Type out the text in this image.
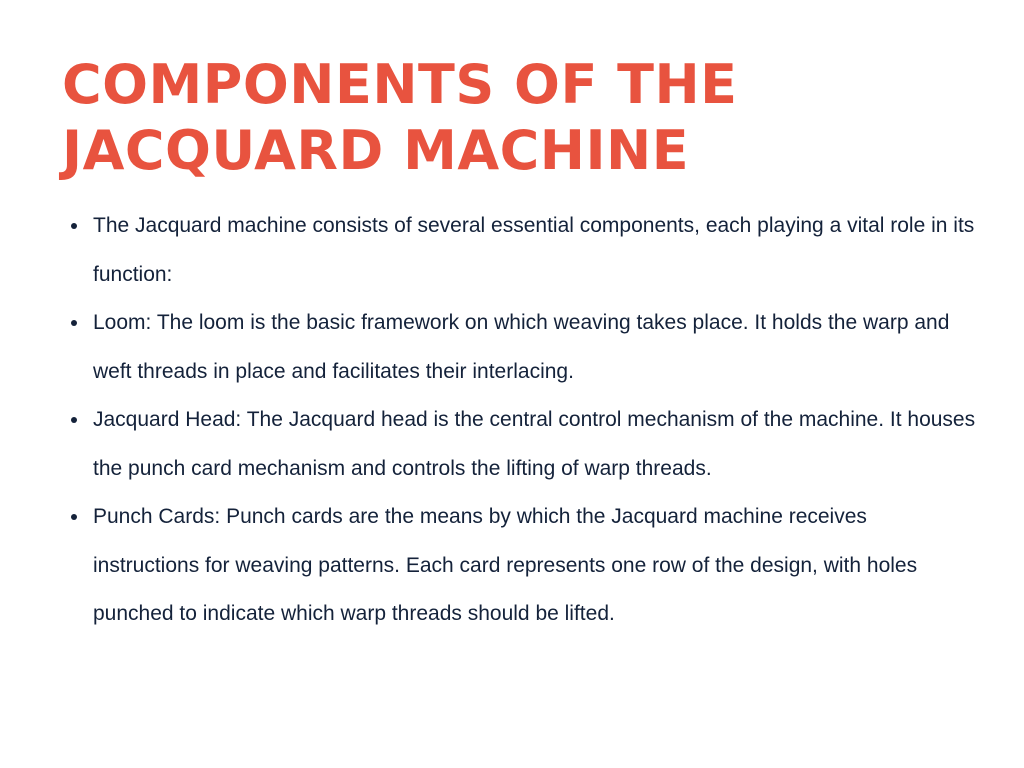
COMPONENTS OF THE JACQUARD MACHINE
The Jacquard machine consists of several essential components, each playing a vital role in its function:
Loom: The loom is the basic framework on which weaving takes place. It holds the warp and weft threads in place and facilitates their interlacing.
Jacquard Head: The Jacquard head is the central control mechanism of the machine. It houses the punch card mechanism and controls the lifting of warp threads.
Punch Cards: Punch cards are the means by which the Jacquard machine receives instructions for weaving patterns. Each card represents one row of the design, with holes punched to indicate which warp threads should be lifted.
